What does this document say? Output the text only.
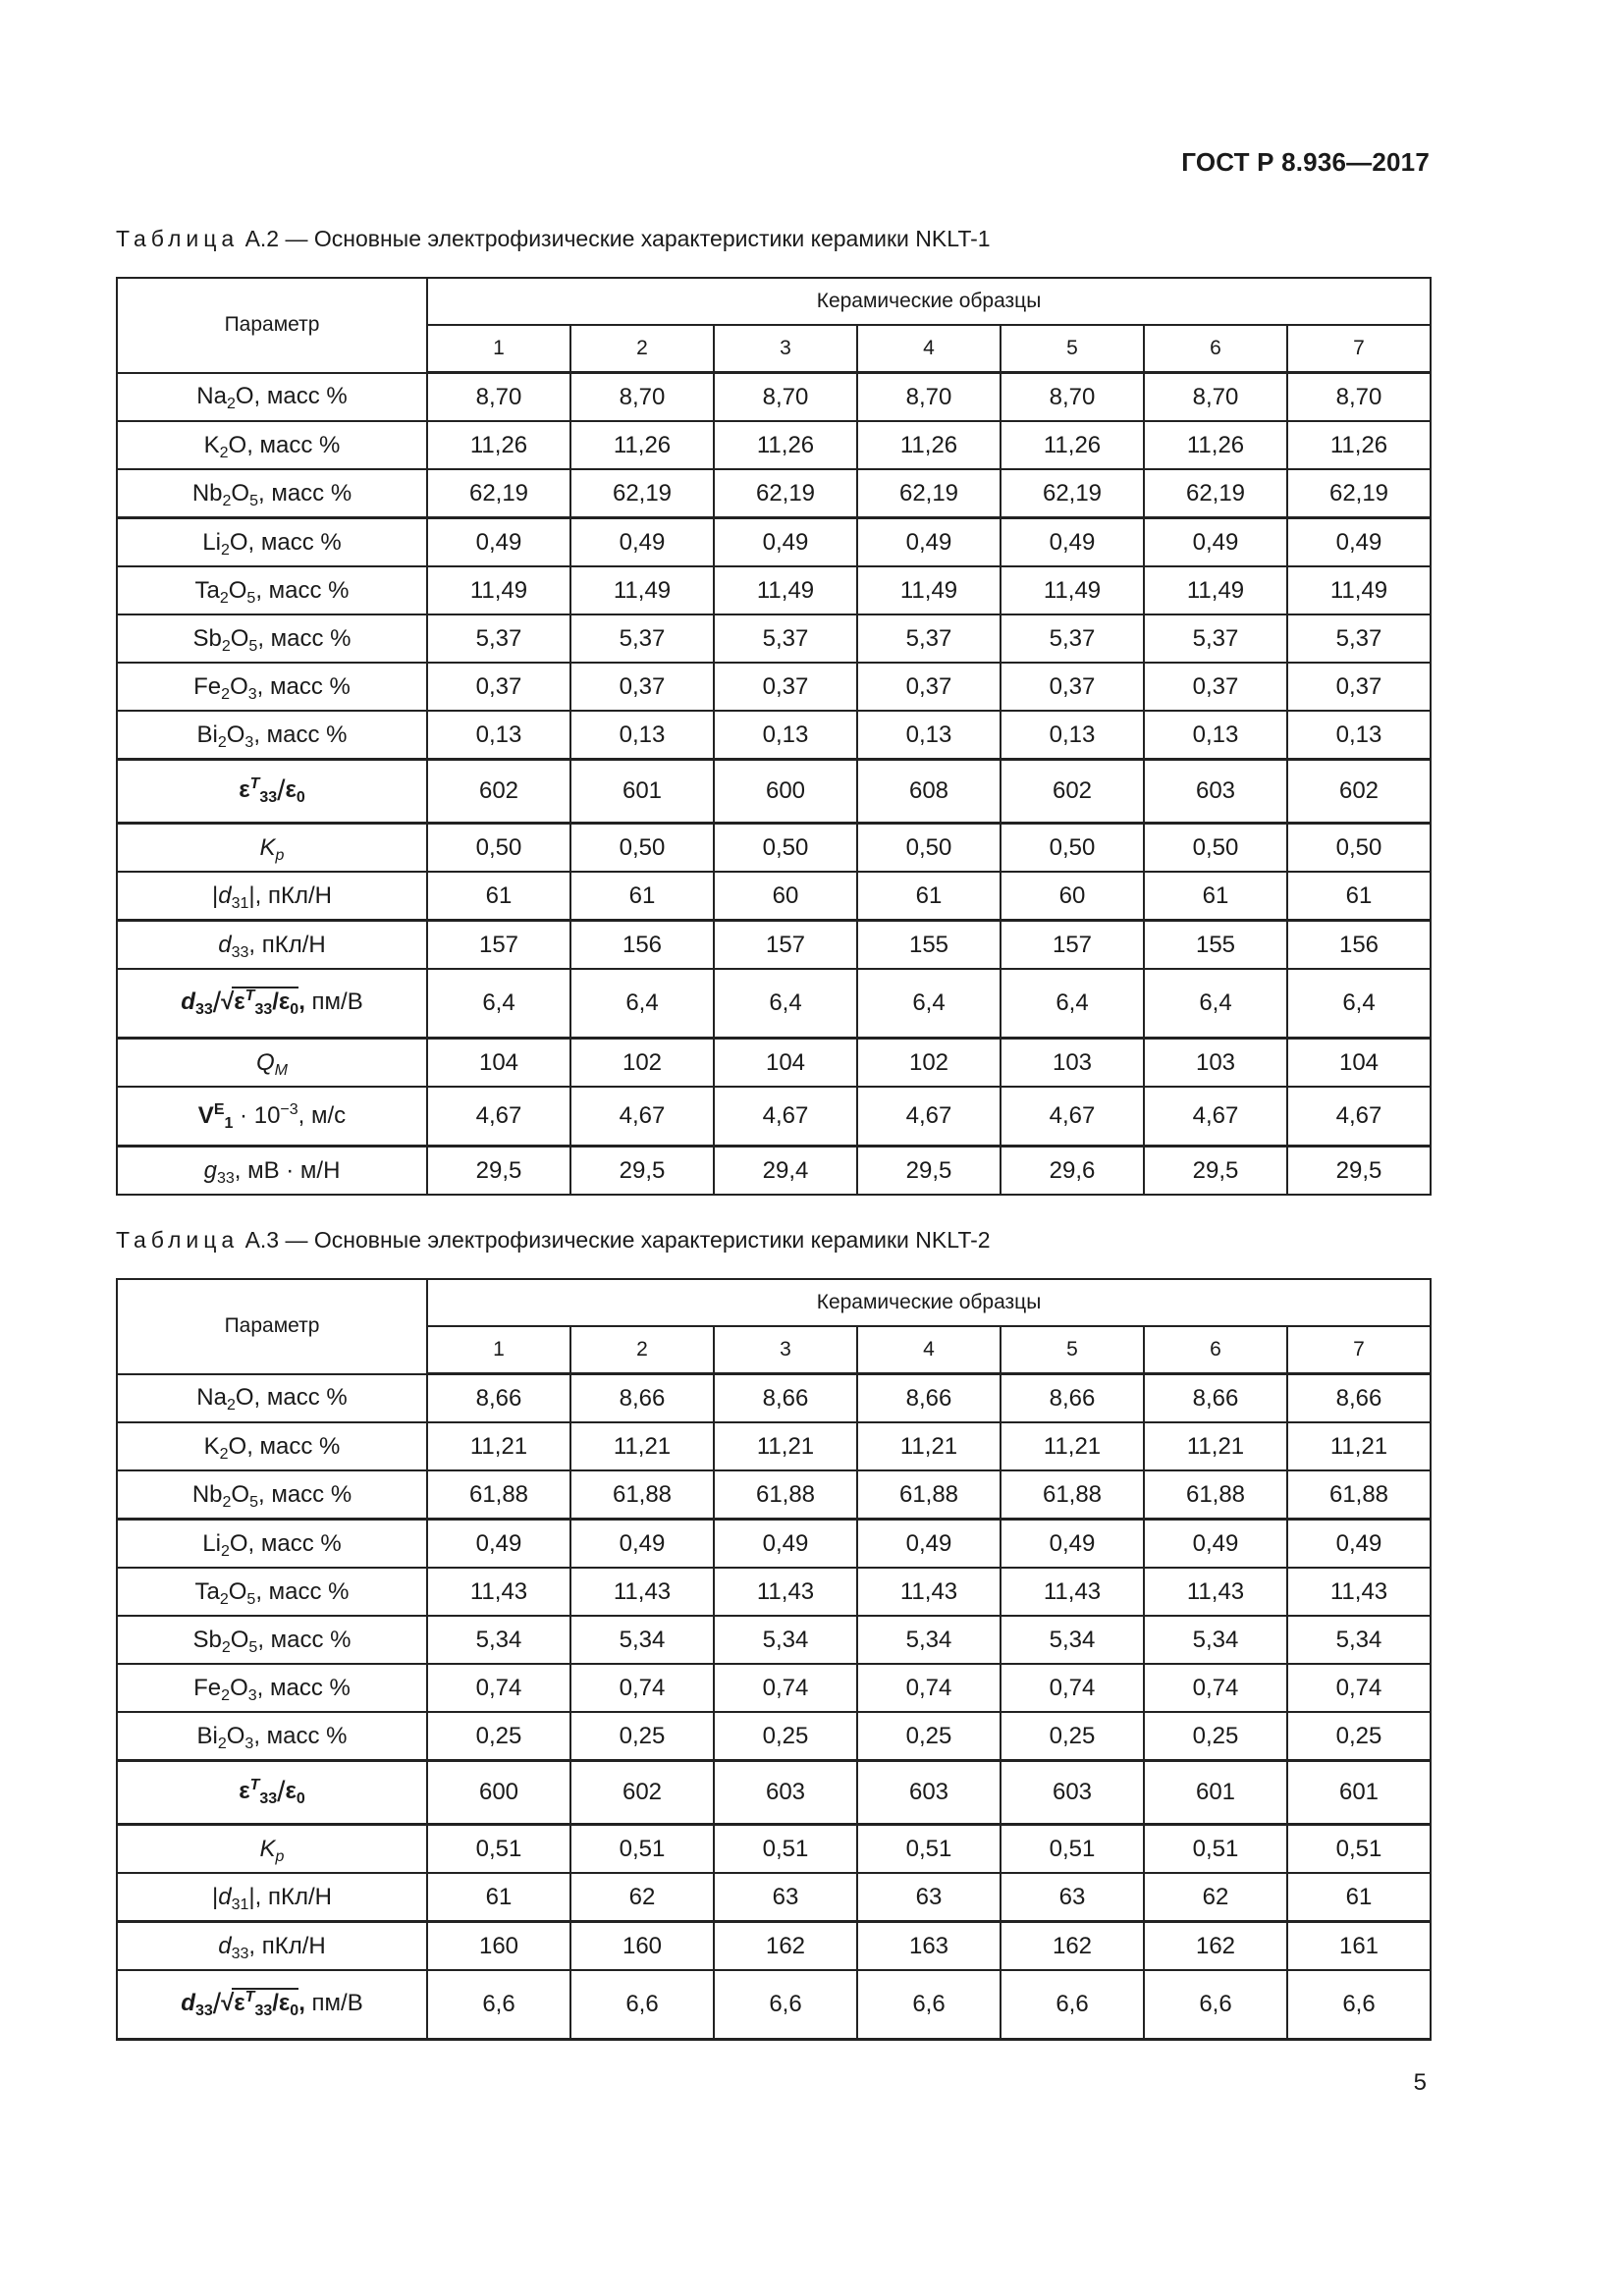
ГОСТ Р 8.936—2017
Таблица А.2 — Основные электрофизические характеристики керамики NKLT-1
Параметр	Керамические образцы						
	1	2	3	4	5	6	7
$Na_2O$, масс %	8,70	8,70	8,70	8,70	8,70	8,70	8,70
$K_2O$, масс %	11,26	11,26	11,26	11,26	11,26	11,26	11,26
$Nb_2O_5$, масс %	62,19	62,19	62,19	62,19	62,19	62,19	62,19
$Li_2O$, масс %	0,49	0,49	0,49	0,49	0,49	0,49	0,49
$Ta_2O_5$, масс %	11,49	11,49	11,49	11,49	11,49	11,49	11,49
$Sb_2O_5$, масс %	5,37	5,37	5,37	5,37	5,37	5,37	5,37
$Fe_2O_3$, масс %	0,37	0,37	0,37	0,37	0,37	0,37	0,37
$Bi_2O_3$, масс %	0,13	0,13	0,13	0,13	0,13	0,13	0,13
$\varepsilon^T_{33}/\varepsilon_0$	602	601	600	608	602	603	602
$K_p$	0,50	0,50	0,50	0,50	0,50	0,50	0,50
$|d_{31}|$, пКл/Н	61	61	60	61	60	61	61
$d_{33}$, пКл/Н	157	156	157	155	157	155	156
$d_{33}/√\varepsilon^T_{33}/\varepsilon_0$, пм/В	6,4	6,4	6,4	6,4	6,4	6,4	6,4
$Q_M$	104	102	104	102	103	103	104
$V^E_1 \cdot 10^{-3}$, м/с	4,67	4,67	4,67	4,67	4,67	4,67	4,67
$g_{33}$, мВ · м/Н	29,5	29,5	29,4	29,5	29,6	29,5	29,5
Таблица А.3 — Основные электрофизические характеристики керамики NKLT-2
Параметр	Керамические образцы						
	1	2	3	4	5	6	7
$Na_2O$, масс %	8,66	8,66	8,66	8,66	8,66	8,66	8,66
$K_2O$, масс %	11,21	11,21	11,21	11,21	11,21	11,21	11,21
$Nb_2O_5$, масс %	61,88	61,88	61,88	61,88	61,88	61,88	61,88
$Li_2O$, масс %	0,49	0,49	0,49	0,49	0,49	0,49	0,49
$Ta_2O_5$, масс %	11,43	11,43	11,43	11,43	11,43	11,43	11,43
$Sb_2O_5$, масс %	5,34	5,34	5,34	5,34	5,34	5,34	5,34
$Fe_2O_3$, масс %	0,74	0,74	0,74	0,74	0,74	0,74	0,74
$Bi_2O_3$, масс %	0,25	0,25	0,25	0,25	0,25	0,25	0,25
$\varepsilon^T_{33}/\varepsilon_0$	600	602	603	603	603	601	601
$K_p$	0,51	0,51	0,51	0,51	0,51	0,51	0,51
$|d_{31}|$, пКл/Н	61	62	63	63	63	62	61
$d_{33}$, пКл/Н	160	160	162	163	162	162	161
$d_{33}/√\varepsilon^T_{33}/\varepsilon_0$, пм/В	6,6	6,6	6,6	6,6	6,6	6,6	6,6
5
